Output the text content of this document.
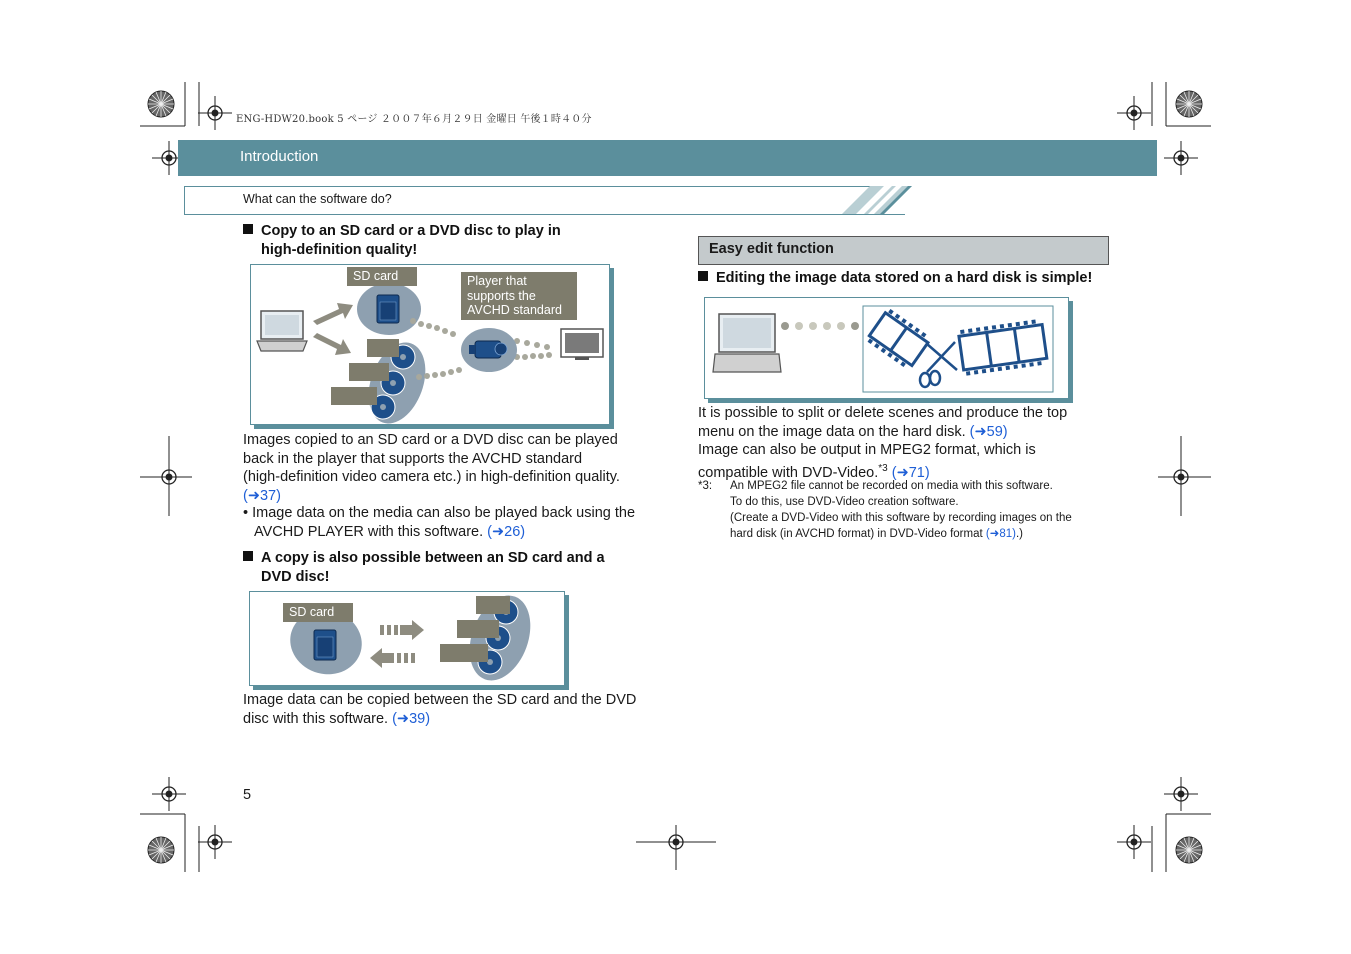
ENG-HDW20.book 5 ページ ２００７年６月２９日 金曜日 午後１時４０分
Introduction
What can the software do?
Copy to an SD card or a DVD disc to play in
high-definition quality!
SD card	Player that
supports the
AVCHD standard
Images copied to an SD card or a DVD disc can be played
back in the player that supports the AVCHD standard
(high-definition video camera etc.) in high-definition quality.
(➜37)
• Image data on the media can also be played back using the
AVCHD PLAYER with this software. (➜26)
A copy is also possible between an SD card and a
DVD disc!
SD card
Image data can be copied between the SD card and the DVD
disc with this software. (➜39)
Easy edit function
Editing the image data stored on a hard disk is simple!
It is possible to split or delete scenes and produce the top
menu on the image data on the hard disk. (➜59)
Image can also be output in MPEG2 format, which is
compatible with DVD-Video.$^{*3}$ (➜71)
*3: An MPEG2 file cannot be recorded on media with this software.
To do this, use DVD-Video creation software.
(Create a DVD-Video with this software by recording images on the
hard disk (in AVCHD format) in DVD-Video format (➜81).)
5
